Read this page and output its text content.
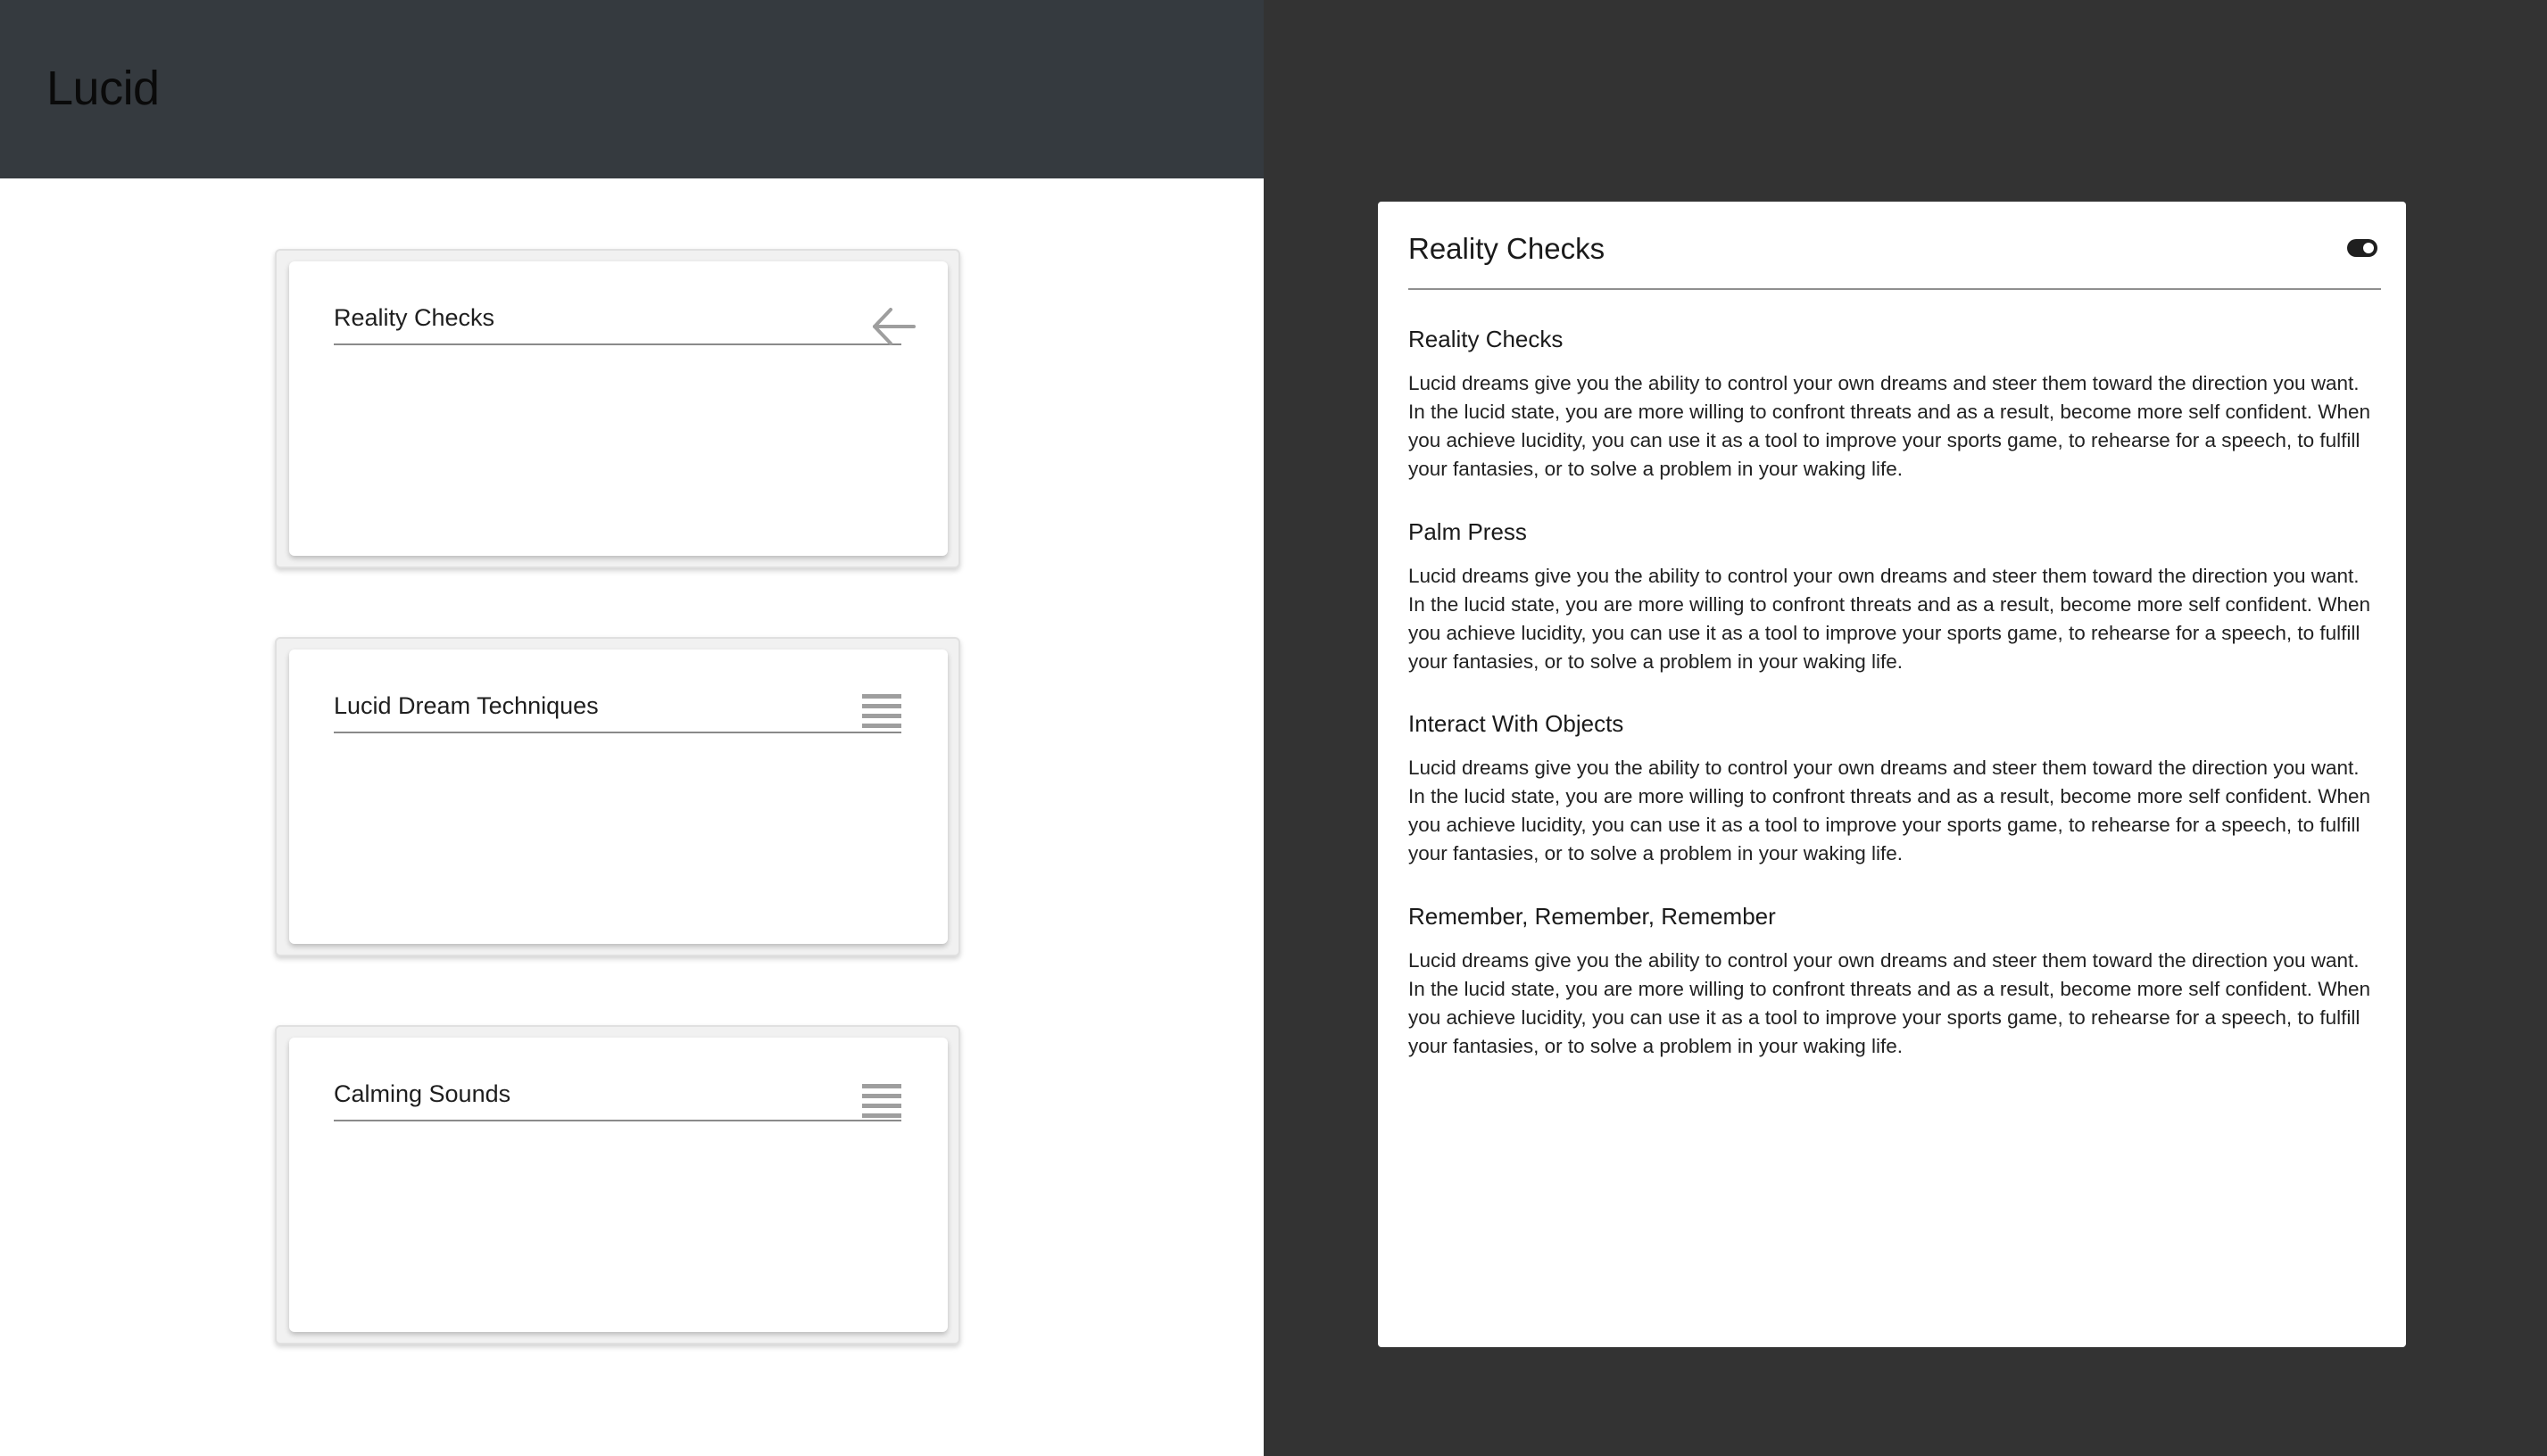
Lucid
Reality Checks
Lucid Dream Techniques
Calming Sounds
Reality Checks
Reality Checks
Lucid dreams give you the ability to control your own dreams and steer them toward the direction you want. In the lucid state, you are more willing to confront threats and as a result, become more self confident. When you achieve lucidity, you can use it as a tool to improve your sports game, to rehearse for a speech, to fulfill your fantasies, or to solve a problem in your waking life.
Palm Press
Lucid dreams give you the ability to control your own dreams and steer them toward the direction you want. In the lucid state, you are more willing to confront threats and as a result, become more self confident. When you achieve lucidity, you can use it as a tool to improve your sports game, to rehearse for a speech, to fulfill your fantasies, or to solve a problem in your waking life.
Interact With Objects
Lucid dreams give you the ability to control your own dreams and steer them toward the direction you want. In the lucid state, you are more willing to confront threats and as a result, become more self confident. When you achieve lucidity, you can use it as a tool to improve your sports game, to rehearse for a speech, to fulfill your fantasies, or to solve a problem in your waking life.
Remember, Remember, Remember
Lucid dreams give you the ability to control your own dreams and steer them toward the direction you want. In the lucid state, you are more willing to confront threats and as a result, become more self confident. When you achieve lucidity, you can use it as a tool to improve your sports game, to rehearse for a speech, to fulfill your fantasies, or to solve a problem in your waking life.
